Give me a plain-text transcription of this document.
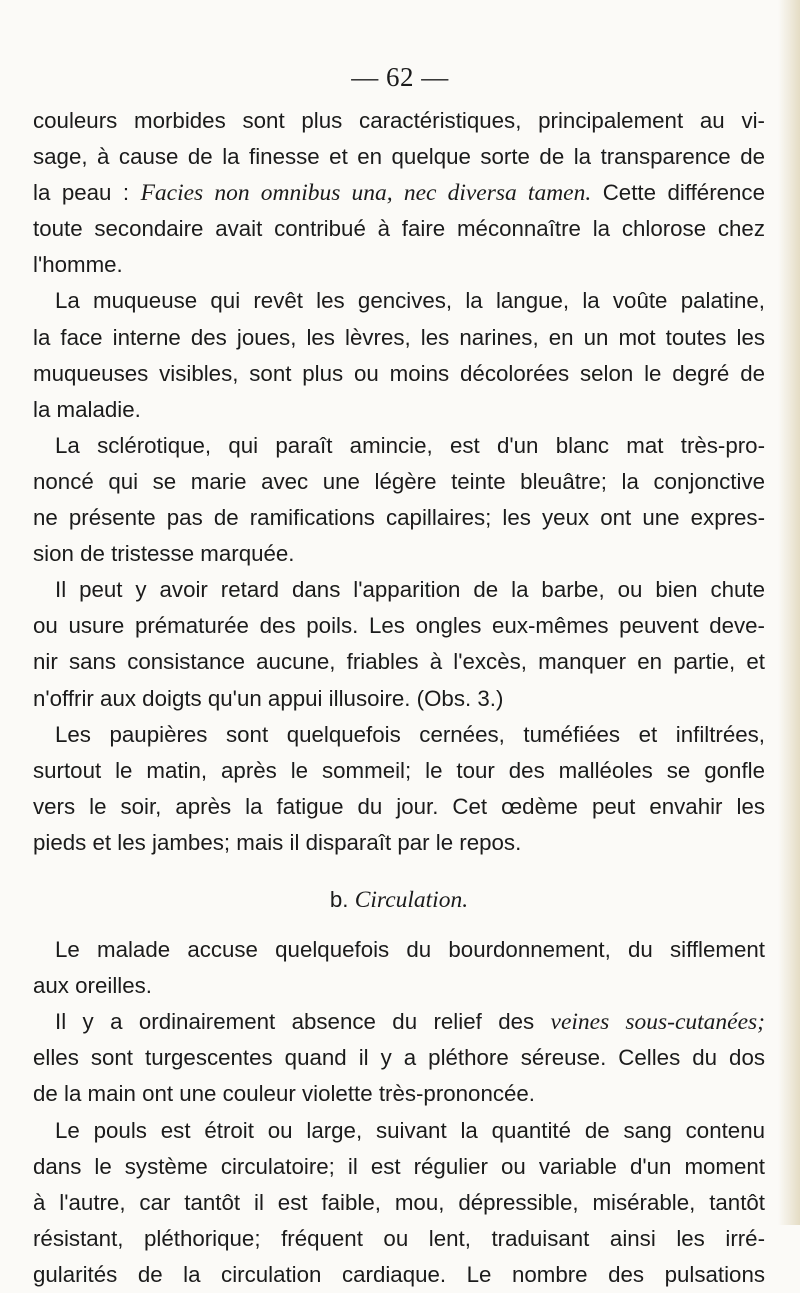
— 62 —
couleurs morbides sont plus caractéristiques, principalement au vi-
sage, à cause de la finesse et en quelque sorte de la transparence de
la peau : Facies non omnibus una, nec diversa tamen. Cette différence
toute secondaire avait contribué à faire méconnaître la chlorose chez
l'homme.
La muqueuse qui revêt les gencives, la langue, la voûte palatine,
la face interne des joues, les lèvres, les narines, en un mot toutes les
muqueuses visibles, sont plus ou moins décolorées selon le degré de
la maladie.
La sclérotique, qui paraît amincie, est d'un blanc mat très-pro-
noncé qui se marie avec une légère teinte bleuâtre; la conjonctive
ne présente pas de ramifications capillaires; les yeux ont une expres-
sion de tristesse marquée.
Il peut y avoir retard dans l'apparition de la barbe, ou bien chute
ou usure prématurée des poils. Les ongles eux-mêmes peuvent deve-
nir sans consistance aucune, friables à l'excès, manquer en partie, et
n'offrir aux doigts qu'un appui illusoire. (Obs. 3.)
Les paupières sont quelquefois cernées, tuméfiées et infiltrées,
surtout le matin, après le sommeil; le tour des malléoles se gonfle
vers le soir, après la fatigue du jour. Cet œdème peut envahir les
pieds et les jambes; mais il disparaît par le repos.
b. Circulation.
Le malade accuse quelquefois du bourdonnement, du sifflement
aux oreilles.
Il y a ordinairement absence du relief des veines sous-cutanées;
elles sont turgescentes quand il y a pléthore séreuse. Celles du dos
de la main ont une couleur violette très-prononcée.
Le pouls est étroit ou large, suivant la quantité de sang contenu
dans le système circulatoire; il est régulier ou variable d'un moment
à l'autre, car tantôt il est faible, mou, dépressible, misérable, tantôt
résistant, pléthorique; fréquent ou lent, traduisant ainsi les irré-
gularités de la circulation cardiaque. Le nombre des pulsations
